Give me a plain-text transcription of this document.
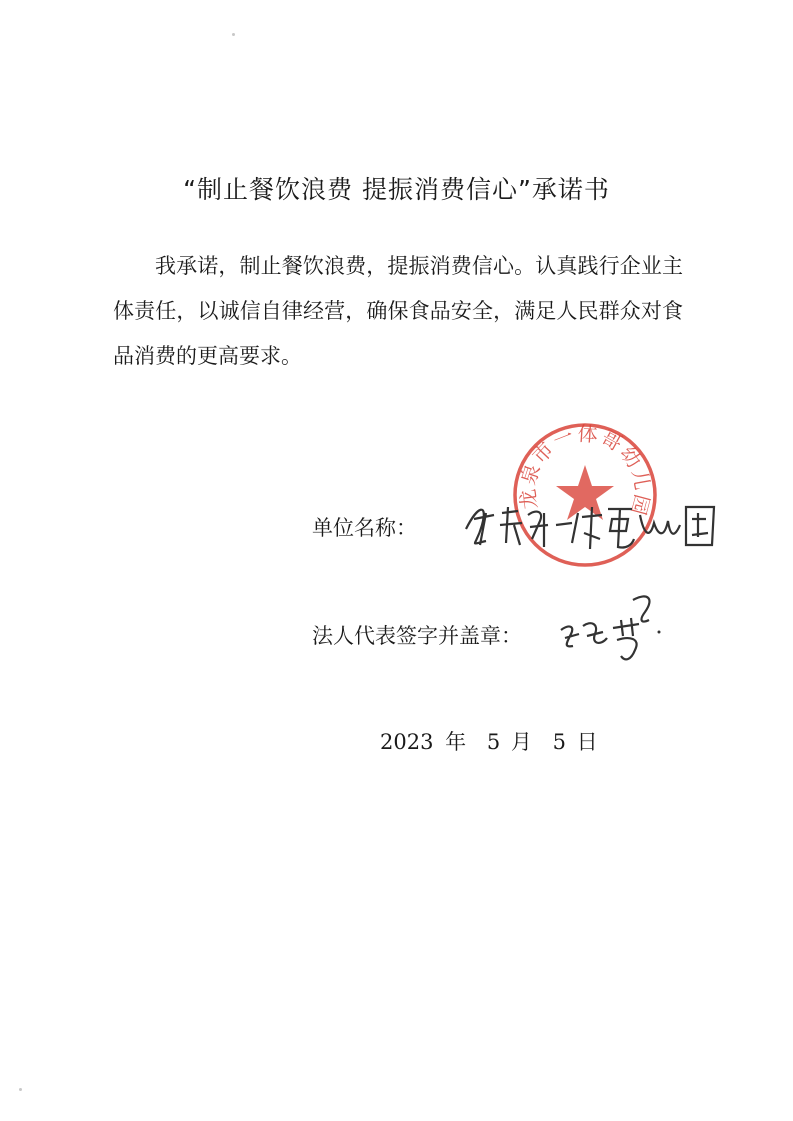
“制止餐饮浪费 提振消费信心”承诺书
我承诺，制止餐饮浪费，提振消费信心。认真践行企业主体责任，以诚信自律经营，确保食品安全，满足人民群众对食品消费的更高要求。
单位名称：
龙泉市一体哥幼儿园
法人代表签字并盖章：
2023 年 5 月 5 日
